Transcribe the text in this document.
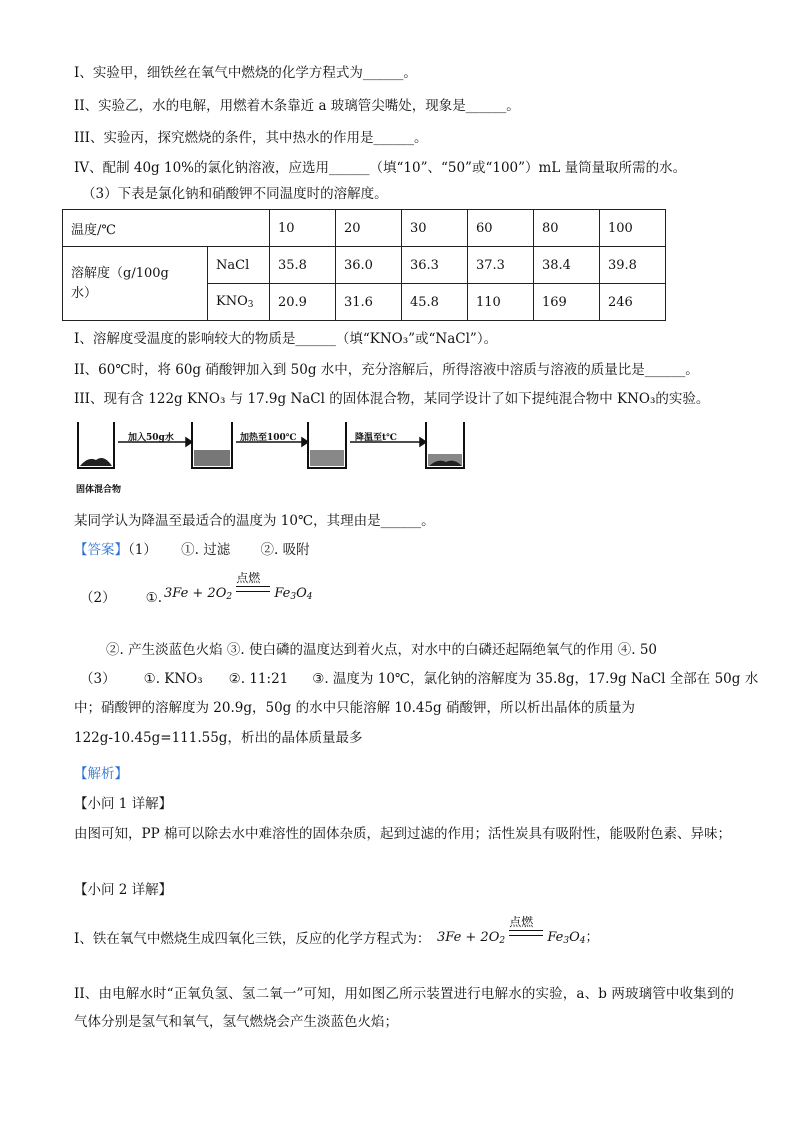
I、实验甲，细铁丝在氧气中燃烧的化学方程式为______。
II、实验乙，水的电解，用燃着木条靠近 a 玻璃管尖嘴处，现象是______。
III、实验丙，探究燃烧的条件，其中热水的作用是______。
IV、配制 40g 10%的氯化钠溶液，应选用______（填“10”、“50”或“100”）mL 量筒量取所需的水。
（3）下表是氯化钠和硝酸钾不同温度时的溶解度。
温度/℃		10	20	30	60	80	100
溶解度（g/100g
水）	NaCl	35.8	36.0	36.3	37.3	38.4	39.8
	$KNO_3$	20.9	31.6	45.8	110	169	246
I、溶解度受温度的影响较大的物质是______（填“KNO₃”或“NaCl”）。
II、60℃时，将 60g 硝酸钾加入到 50g 水中，充分溶解后，所得溶液中溶质与溶液的质量比是______。
III、现有含 122g KNO₃ 与 17.9g NaCl 的固体混合物，某同学设计了如下提纯混合物中 KNO₃的实验。
加入50g水	加热至100℃	降温至t℃
固体混合物
某同学认为降温至最适合的温度为 10℃，其理由是______。
【答案】（1） ①. 过滤 ②. 吸附
（2） ①. $3Fe + 2O_2$
点燃
$Fe_3O_4$
②. 产生淡蓝色火焰 ③. 使白磷的温度达到着火点，对水中的白磷还起隔绝氧气的作用 ④. 50
（3） ①. KNO₃ ②. 11:21 ③. 温度为 10℃，氯化钠的溶解度为 35.8g，17.9g NaCl 全部在 50g 水
中；硝酸钾的溶解度为 20.9g，50g 的水中只能溶解 10.45g 硝酸钾，所以析出晶体的质量为
122g-10.45g=111.55g，析出的晶体质量最多
【解析】
【小问 1 详解】
由图可知，PP 棉可以除去水中难溶性的固体杂质，起到过滤的作用；活性炭具有吸附性，能吸附色素、异味；
【小问 2 详解】
I、铁在氧气中燃烧生成四氧化三铁，反应的化学方程式为： $3Fe + 2O_2$
点燃
$Fe_3O_4$；
II、由电解水时“正氧负氢、氢二氧一”可知，用如图乙所示装置进行电解水的实验，a、b 两玻璃管中收集到的气体分别是氢气和氧气，氢气燃烧会产生淡蓝色火焰；
